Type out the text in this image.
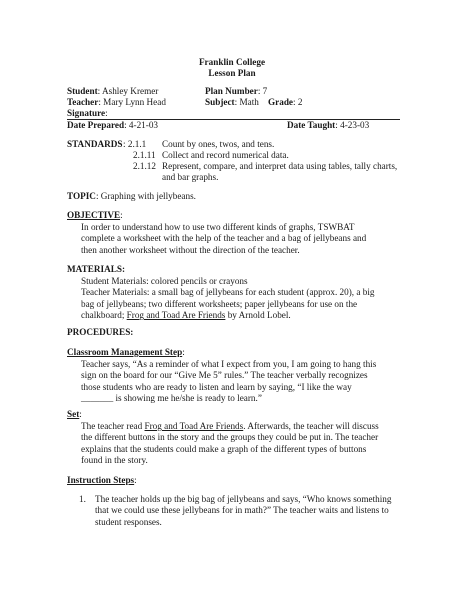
Franklin College
Lesson Plan
Student: Ashley Kremer	Plan Number: 7
Teacher: Mary Lynn Head	Subject: Math Grade: 2
Signature:
Date Prepared: 4-21-03	Date Taught: 4-23-03
STANDARDS : 2.1.1 Count by ones, twos, and tens.
2.1.11 Collect and record numerical data.
2.1.12 Represent, compare, and interpret data using tables, tally charts,
and bar graphs.
TOPIC: Graphing with jellybeans.
OBJECTIVE:
In order to understand how to use two different kinds of graphs, TSWBAT
complete a worksheet with the help of the teacher and a bag of jellybeans and
then another worksheet without the direction of the teacher.
MATERIALS:
Student Materials: colored pencils or crayons
Teacher Materials: a small bag of jellybeans for each student (approx. 20), a big
bag of jellybeans; two different worksheets; paper jellybeans for use on the
chalkboard; Frog and Toad Are Friends by Arnold Lobel.
PROCEDURES:
Classroom Management Step:
Teacher says, “As a reminder of what I expect from you, I am going to hang this
sign on the board for our “Give Me 5” rules.” The teacher verbally recognizes
those students who are ready to listen and learn by saying, “I like the way
_______ is showing me he/she is ready to learn.”
Set:
The teacher read Frog and Toad Are Friends. Afterwards, the teacher will discuss
the different buttons in the story and the groups they could be put in. The teacher
explains that the students could make a graph of the different types of buttons
found in the story.
Instruction Steps:
1. The teacher holds up the big bag of jellybeans and says, “Who knows something
that we could use these jellybeans for in math?” The teacher waits and listens to
student responses.
